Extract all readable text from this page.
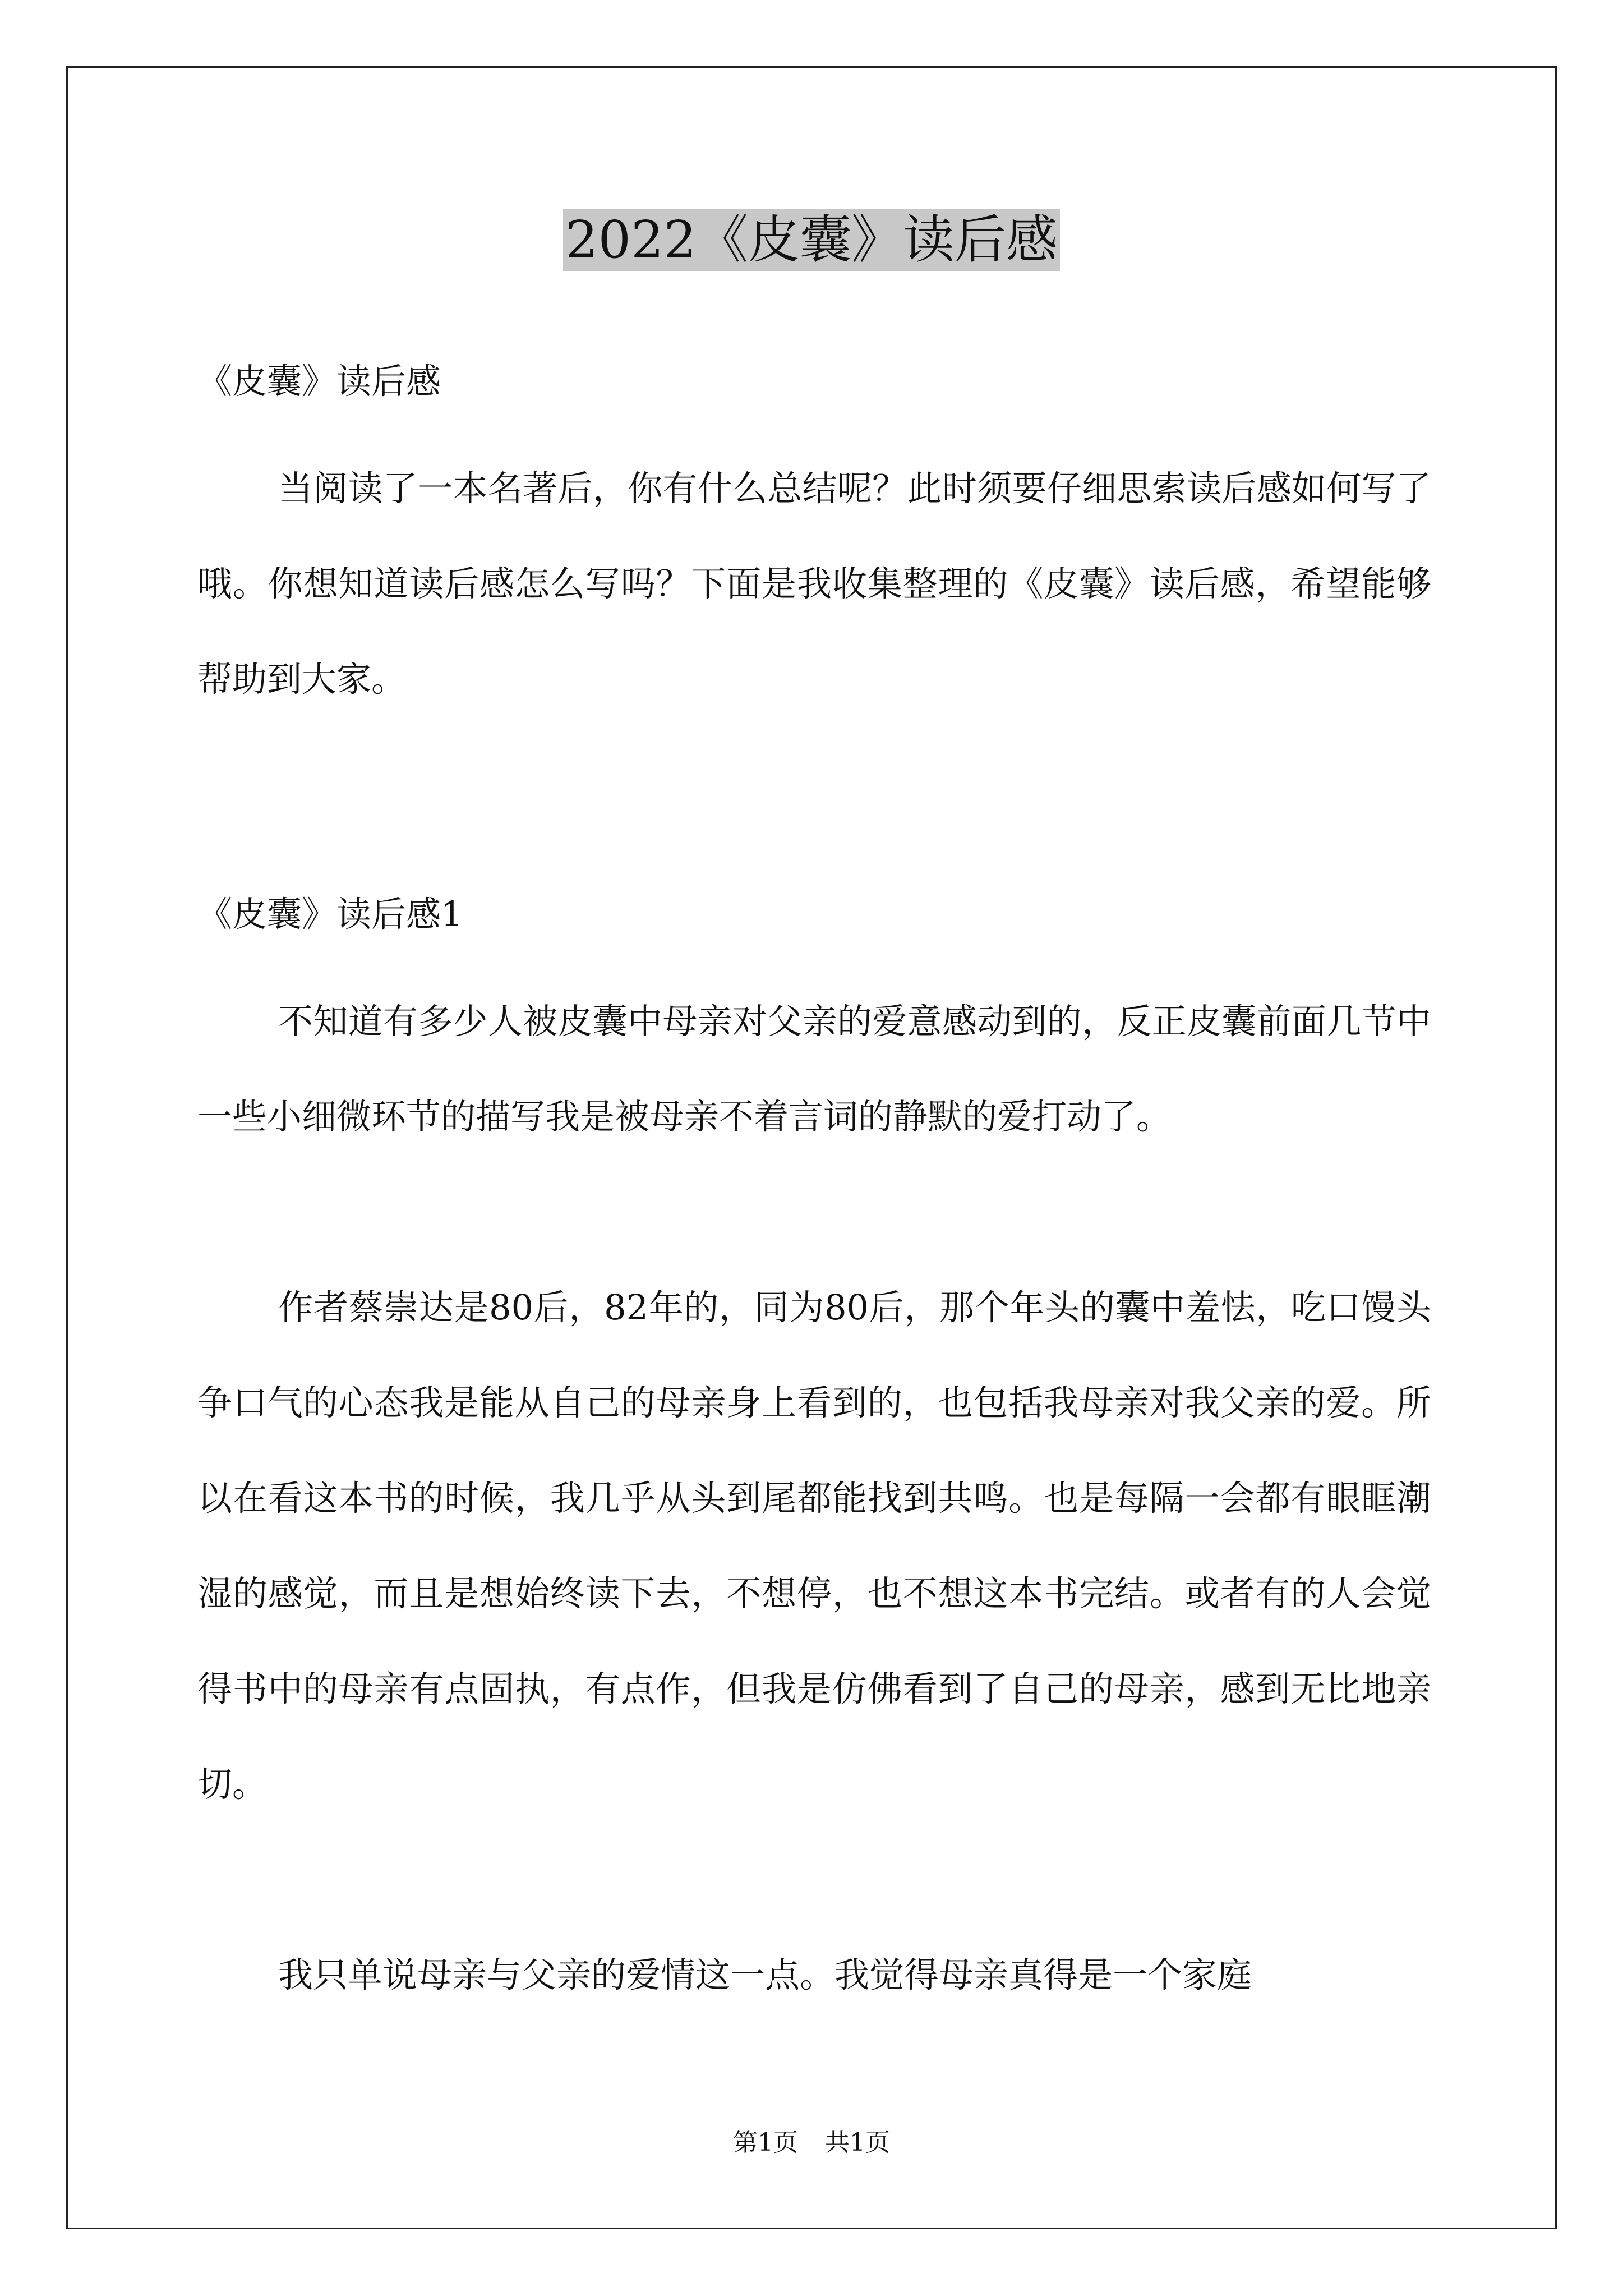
2022《皮囊》读后感

《皮囊》读后感

当阅读了一本名著后，你有什么总结呢？此时须要仔细思索读后感如何写了哦。你想知道读后感怎么写吗？下面是我收集整理的《皮囊》读后感，希望能够帮助到大家。

《皮囊》读后感1

不知道有多少人被皮囊中母亲对父亲的爱意感动到的，反正皮囊前面几节中一些小细微环节的描写我是被母亲不着言词的静默的爱打动了。

作者蔡崇达是80后，82年的，同为80后，那个年头的囊中羞怯，吃口馒头争口气的心态我是能从自己的母亲身上看到的，也包括我母亲对我父亲的爱。所以在看这本书的时候，我几乎从头到尾都能找到共鸣。也是每隔一会都有眼眶潮湿的感觉，而且是想始终读下去，不想停，也不想这本书完结。或者有的人会觉得书中的母亲有点固执，有点作，但我是仿佛看到了自己的母亲，感到无比地亲切。

我只单说母亲与父亲的爱情这一点。我觉得母亲真得是一个家庭

第1页 共1页
